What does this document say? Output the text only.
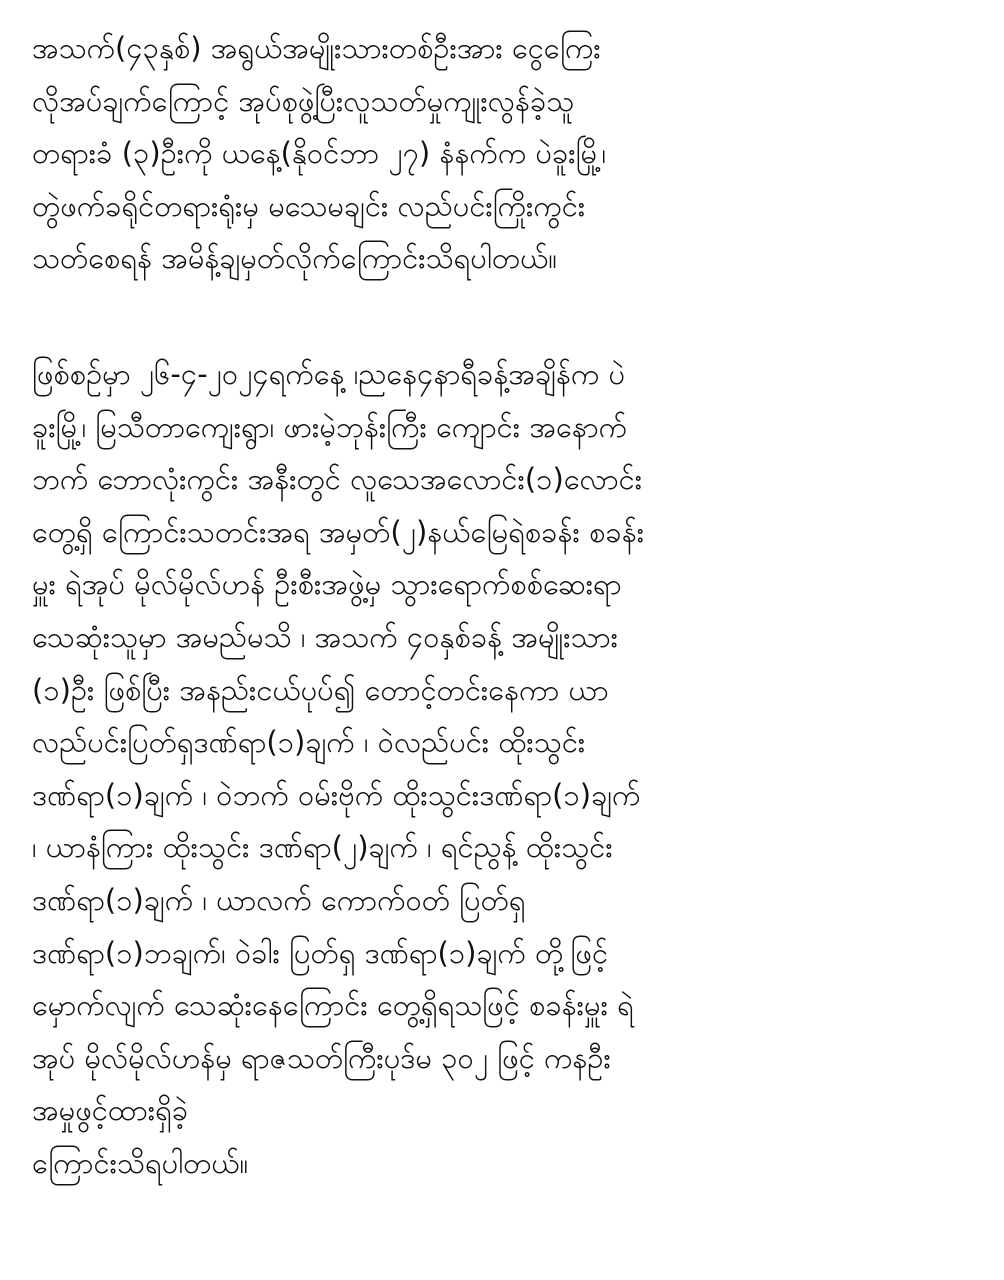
အသက်(၄၃နှစ်) အရွယ်အမျိုးသားတစ်ဦးအား ငွေကြေး
လိုအပ်ချက်ကြောင့် အုပ်စုဖွဲ့ပြီးလူသတ်မှုကျုးလွန်ခဲ့သူ
တရားခံ (၃)ဦးကို ယနေ့(နိုဝင်ဘာ ၂၇) နံနက်က ပဲခူးမြို့၊
တွဲဖက်ခရိုင်တရားရုံးမှ မသေမချင်း လည်ပင်းကြိုးကွင်း
သတ်စေရန် အမိန့်ချမှတ်လိုက်ကြောင်းသိရပါတယ်။
ဖြစ်စဉ်မှာ ၂၆-၄-၂၀၂၄ရက်နေ့ ၊ညနေ၄နာရီခန့်အချိန်က ပဲ
ခူးမြို့၊ မြသီတာကျေးရွာ၊ ဖားမဲ့ဘုန်းကြီး ကျောင်း အနောက်
ဘက် ဘောလုံးကွင်း အနီးတွင် လူသေအလောင်း(၁)လောင်း
တွေ့ရှိ ကြောင်းသတင်းအရ အမှတ်(၂)နယ်မြေရဲစခန်း စခန်း
မှူး ရဲအုပ် မိုလ်မိုလ်ဟန် ဦးစီးအဖွဲ့မှ သွားရောက်စစ်ဆေးရာ
သေဆုံးသူမှာ အမည်မသိ ၊ အသက် ၄၀နှစ်ခန့် အမျိုးသား
(၁)ဦး ဖြစ်ပြီး အနည်းငယ်ပုပ်၍ တောင့်တင်းနေကာ ယာ
လည်ပင်းပြတ်ရှဒဏ်ရာ(၁)ချက် ၊ ဝဲလည်ပင်း ထိုးသွင်း
ဒဏ်ရာ(၁)ချက် ၊ ဝဲဘက် ဝမ်းဗိုက် ထိုးသွင်းဒဏ်ရာ(၁)ချက်
၊ ယာနံကြား ထိုးသွင်း ဒဏ်ရာ(၂)ချက် ၊ ရင်ညွန့် ထိုးသွင်း
ဒဏ်ရာ(၁)ချက် ၊ ယာလက် ကောက်ဝတ် ပြတ်ရှ
ဒဏ်ရာ(၁)ဘချက်၊ ဝဲခါး ပြတ်ရှ ဒဏ်ရာ(၁)ချက် တို့ဖြင့်
မှောက်လျက် သေဆုံးနေကြောင်း တွေ့ရှိရသဖြင့် စခန်းမှူး ရဲ
အုပ် မိုလ်မိုလ်ဟန်မှ ရာဇသတ်ကြီးပုဒ်မ ၃၀၂ ဖြင့် ကနဦး
အမှုဖွင့်ထားရှိခဲ့
ကြောင်းသိရပါတယ်။
